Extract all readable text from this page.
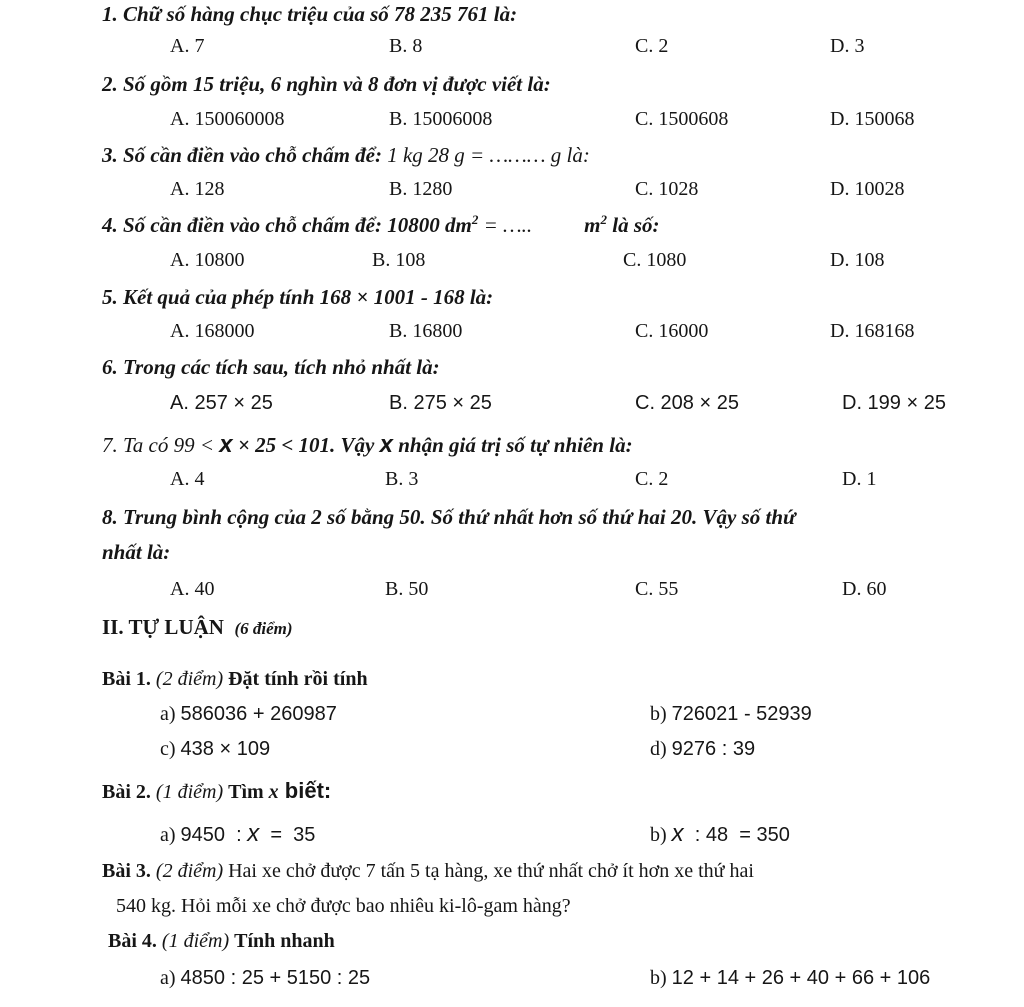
1. Chữ số hàng chục triệu của số 78 235 761 là:
A. 7	B. 8	C. 2	D. 3
2. Số gồm 15 triệu, 6 nghìn và 8 đơn vị được viết là:
A. 150060008	B. 15006008	C. 1500608	D. 150068
3. Số cần điền vào chỗ chấm để: 1 kg 28 g = ……… g là:
A. 128	B. 1280	C. 1028	D. 10028
4. Số cần điền vào chỗ chấm để: 10800 $dm^2$ = ….. $m^2$ là số:
A. 10800	B. 108	C. 1080	D. 108
5. Kết quả của phép tính 168 × 1001 - 168 là:
A. 168000	B. 16800	C. 16000	D. 168168
6. Trong các tích sau, tích nhỏ nhất là:
A. 257 × 25	B. 275 × 25	C. 208 × 25	D. 199 × 25
7. Ta có 99 < x × 25 < 101. Vậy x nhận giá trị số tự nhiên là:
A. 4	B. 3	C. 2	D. 1
8. Trung bình cộng của 2 số bằng 50. Số thứ nhất hơn số thứ hai 20. Vậy số thứ
nhất là:
A. 40	B. 50	C. 55	D. 60
II. TỰ LUẬN (6 điểm)
Bài 1. (2 điểm) Đặt tính rồi tính
a) 586036 + 260987	b) 726021 - 52939
c) 438 × 109	d) 9276 : 39
Bài 2. (1 điểm) Tìm x biết:
a) 9450  : x  =  35	b) x  : 48  = 350
Bài 3. (2 điểm) Hai xe chở được 7 tấn 5 tạ hàng, xe thứ nhất chở ít hơn xe thứ hai
540 kg. Hỏi mỗi xe chở được bao nhiêu ki-lô-gam hàng?
Bài 4. (1 điểm) Tính nhanh
a) 4850 : 25 + 5150 : 25	b) 12 + 14 + 26 + 40 + 66 + 106
